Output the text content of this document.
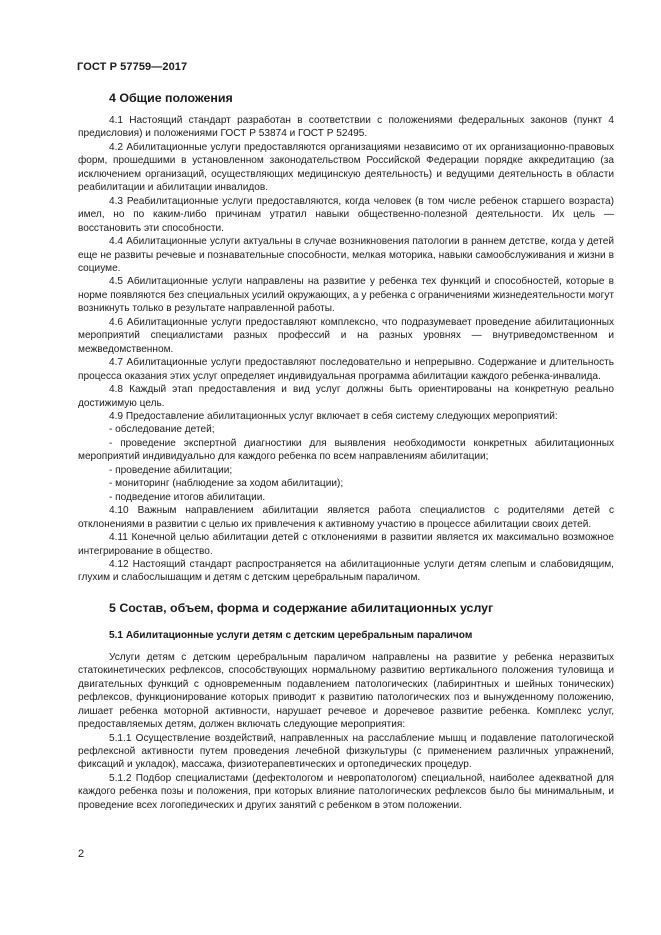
ГОСТ Р 57759—2017
4 Общие положения

4.1 Настоящий стандарт разработан в соответствии с положениями федеральных законов (пункт 4 предисловия) и положениями ГОСТ Р 53874 и ГОСТ Р 52495.

4.2 Абилитационные услуги предоставляются организациями независимо от их организационно-правовых форм, прошедшими в установленном законодательством Российской Федерации порядке аккредитацию (за исключением организаций, осуществляющих медицинскую деятельность) и ведущими деятельность в области реабилитации и абилитации инвалидов.

4.3 Реабилитационные услуги предоставляются, когда человек (в том числе ребенок старшего возраста) имел, но по каким-либо причинам утратил навыки общественно-полезной деятельности. Их цель — восстановить эти способности.

4.4 Абилитационные услуги актуальны в случае возникновения патологии в раннем детстве, когда у детей еще не развиты речевые и познавательные способности, мелкая моторика, навыки самообслуживания и жизни в социуме.

4.5 Абилитационные услуги направлены на развитие у ребенка тех функций и способностей, которые в норме появляются без специальных усилий окружающих, а у ребенка с ограничениями жизнедеятельности могут возникнуть только в результате направленной работы.

4.6 Абилитационные услуги предоставляют комплексно, что подразумевает проведение абилитационных мероприятий специалистами разных профессий и на разных уровнях — внутриведомственном и межведомственном.

4.7 Абилитационные услуги предоставляют последовательно и непрерывно. Содержание и длительность процесса оказания этих услуг определяет индивидуальная программа абилитации каждого ребенка-инвалида.

4.8 Каждый этап предоставления и вид услуг должны быть ориентированы на конкретную реально достижимую цель.

4.9 Предоставление абилитационных услуг включает в себя систему следующих мероприятий:

- обследование детей;

- проведение экспертной диагностики для выявления необходимости конкретных абилитационных мероприятий индивидуально для каждого ребенка по всем направлениям абилитации;

- проведение абилитации;

- мониторинг (наблюдение за ходом абилитации);

- подведение итогов абилитации.

4.10 Важным направлением абилитации является работа специалистов с родителями детей с отклонениями в развитии с целью их привлечения к активному участию в процессе абилитации своих детей.

4.11 Конечной целью абилитации детей с отклонениями в развитии является их максимально возможное интегрирование в общество.

4.12 Настоящий стандарт распространяется на абилитационные услуги детям слепым и слабовидящим, глухим и слабослышащим и детям с детским церебральным параличом.

5 Состав, объем, форма и содержание абилитационных услуг
5.1 Абилитационные услуги детям с детским церебральным параличом

Услуги детям с детским церебральным параличом направлены на развитие у ребенка неразвитых статокинетических рефлексов, способствующих нормальному развитию вертикального положения туловища и двигательных функций с одновременным подавлением патологических (лабиринтных и шейных тонических) рефлексов, функционирование которых приводит к развитию патологических поз и вынужденному положению, лишает ребенка моторной активности, нарушает речевое и доречевое развитие ребенка. Комплекс услуг, предоставляемых детям, должен включать следующие мероприятия:

5.1.1 Осуществление воздействий, направленных на расслабление мышц и подавление патологической рефлексной активности путем проведения лечебной физкультуры (с применением различных упражнений, фиксаций и укладок), массажа, физиотерапевтических и ортопедических процедур.

5.1.2 Подбор специалистами (дефектологом и невропатологом) специальной, наиболее адекватной для каждого ребенка позы и положения, при которых влияние патологических рефлексов было бы минимальным, и проведение всех логопедических и других занятий с ребенком в этом положении.

2
